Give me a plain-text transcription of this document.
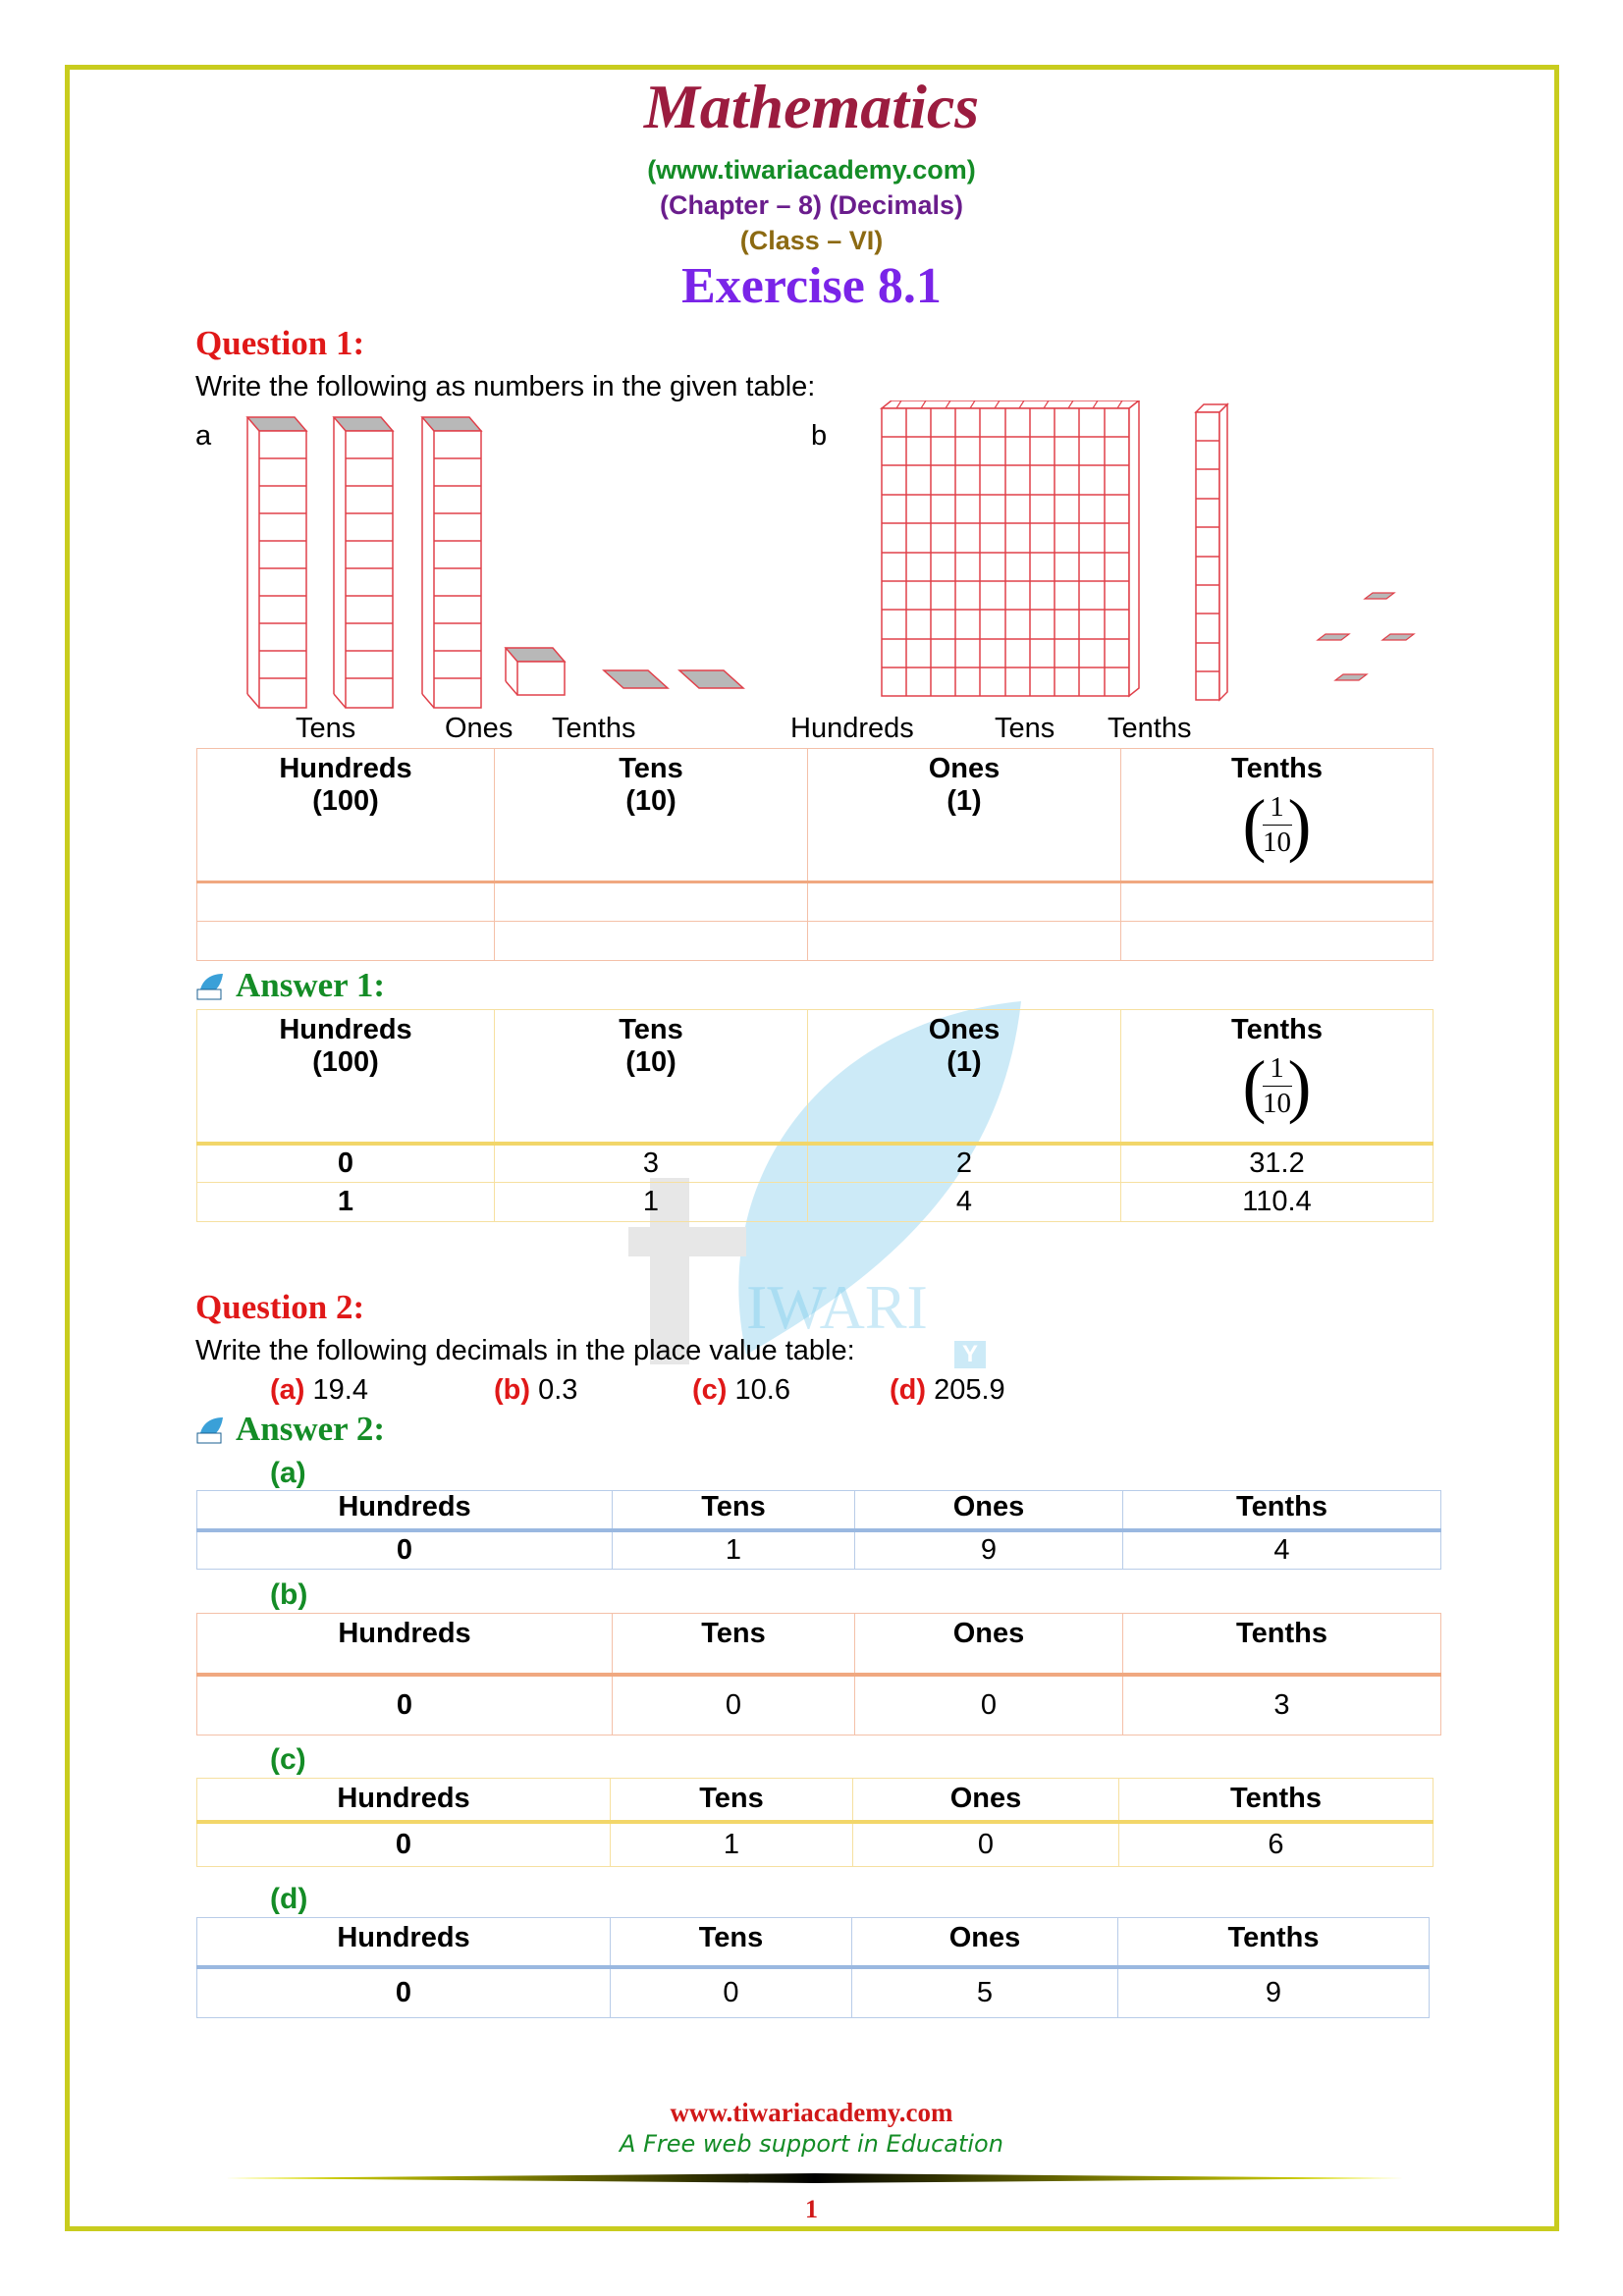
IWARI
Y
Mathematics
(www.tiwariacademy.com)
(Chapter – 8) (Decimals)
(Class – VI)
Exercise 8.1
Question 1:
Write the following as numbers in the given table:
a	b
Tens	Ones Tenths	Hundreds	Tens Tenths
Hundreds
(100)	Tens
(10)	Ones
(1)	Tenths

( )
1
10

Answer 1:
Hundreds
(100)	Tens
(10)	Ones
(1)	Tenths

( )
1
10

0	3	2	31.2
1	1	4	110.4
Question 2:
Write the following decimals in the place value table:
(a) 19.4	(b) 0.3	(c) 10.6	(d) 205.9
Answer 2:
(a)
Hundreds	Tens	Ones	Tenths
0	1	9	4
(b)
Hundreds	Tens	Ones	Tenths
0	0	0	3
(c)
Hundreds	Tens	Ones	Tenths
0	1	0	6
(d)
Hundreds	Tens	Ones	Tenths
0	0	5	9
www.tiwariacademy.com
A Free web support in Education
1
